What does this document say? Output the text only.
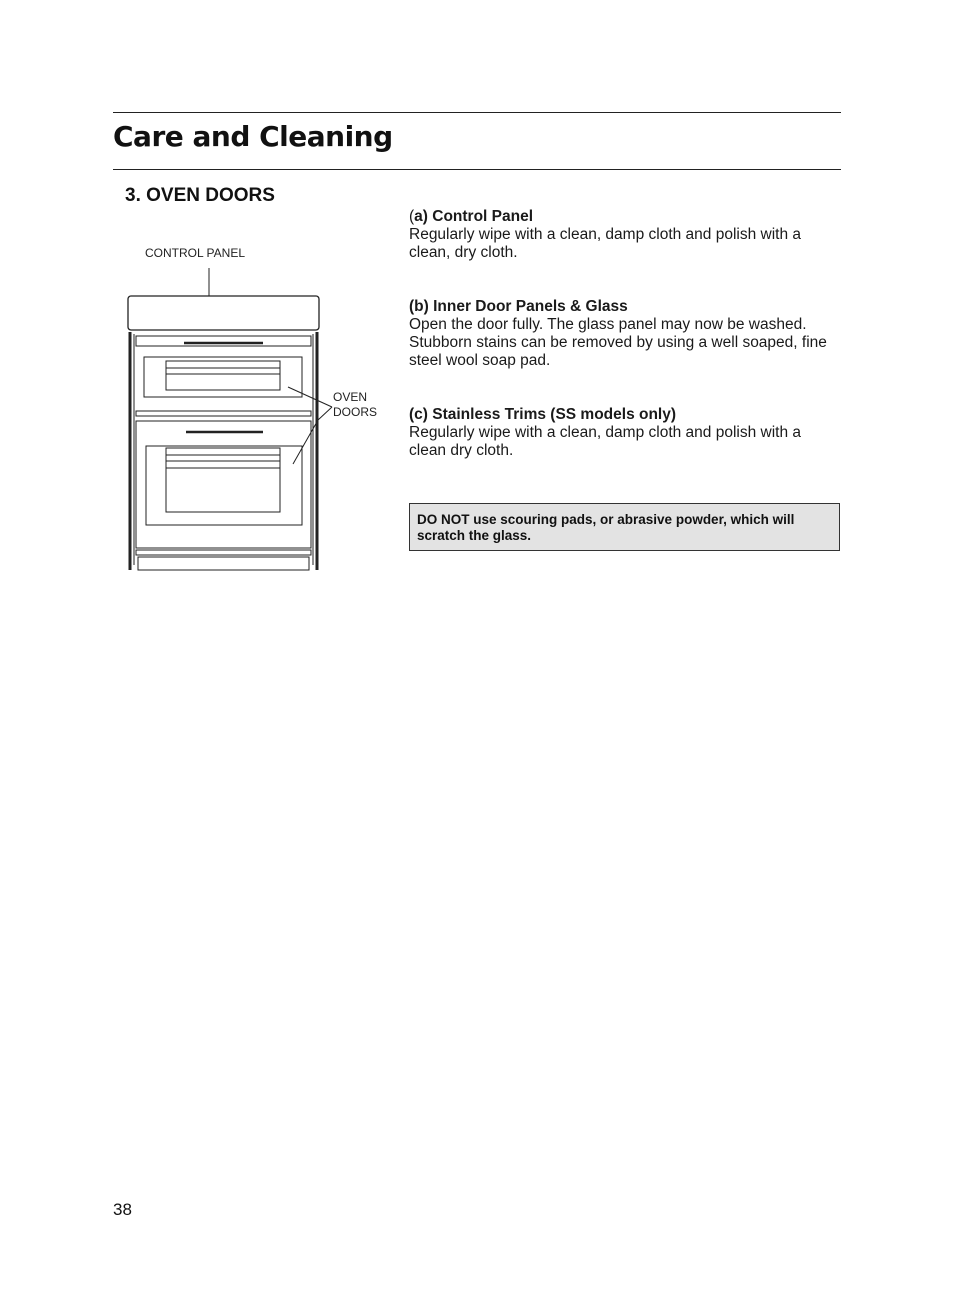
Care and Cleaning
3. OVEN DOORS
CONTROL PANEL
OVEN
DOORS

(a) Control Panel

Regularly wipe with a clean, damp cloth and polish with a clean, dry cloth.

(b) Inner Door Panels & Glass

Open the door fully. The glass panel may now be washed. Stubborn stains can be removed by using a well soaped, fine steel wool soap pad.

(c) Stainless Trims (SS models only)

Regularly wipe with a clean, damp cloth and polish with a clean dry cloth.

DO NOT use scouring pads, or abrasive powder, which will scratch the glass.
38
